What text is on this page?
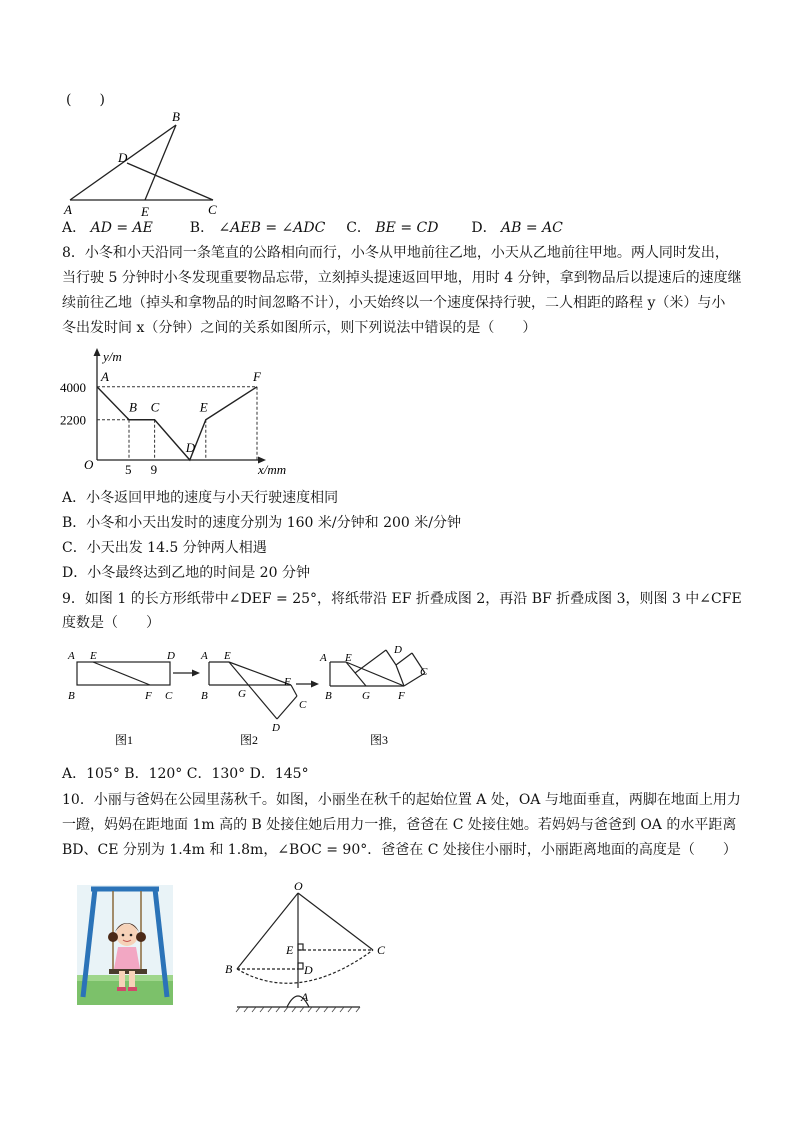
(　　)
B
D
A	E	C
A． AD = AE	B． ∠AEB = ∠ADC C． BE = CD D． AB = AC
8．小冬和小天沿同一条笔直的公路相向而行，小冬从甲地前往乙地，小天从乙地前往甲地。两人同时发出，
当行驶 5 分钟时小冬发现重要物品忘带，立刻掉头提速返回甲地，用时 4 分钟，拿到物品后以提速后的速度继
续前往乙地（掉头和拿物品的时间忽略不计），小天始终以一个速度保持行驶，二人相距的路程 y（米）与小
冬出发时间 x（分钟）之间的关系如图所示，则下列说法中错误的是（　　）
y/m
x/mm
O
A
B C
D
E
F
5 9
4000
2200
A．小冬返回甲地的速度与小天行驶速度相同
B．小冬和小天出发时的速度分别为 160 米/分钟和 200 米/分钟
C．小天出发 14.5 分钟两人相遇
D．小冬最终达到乙地的时间是 20 分钟
9．如图 1 的长方形纸带中∠DEF = 25°，将纸带沿 EF 折叠成图 2，再沿 BF 折叠成图 3，则图 3 中∠CFE
度数是（　　）
A E	D
B	F C
A E
B	G
F
C
D
A E
D
C
B	G	F
图1	图2	图3
A．105° B．120° C．130° D．145°
10．小丽与爸妈在公园里荡秋千。如图，小丽坐在秋千的起始位置 A 处，OA 与地面垂直，两脚在地面上用力
一蹬，妈妈在距地面 1m 高的 B 处接住她后用力一推，爸爸在 C 处接住她。若妈妈与爸爸到 OA 的水平距离
BD、CE 分别为 1.4m 和 1.8m，∠BOC = 90°．爸爸在 C 处接住小丽时，小丽距离地面的高度是（　　）
O
E	C
B	D
A
